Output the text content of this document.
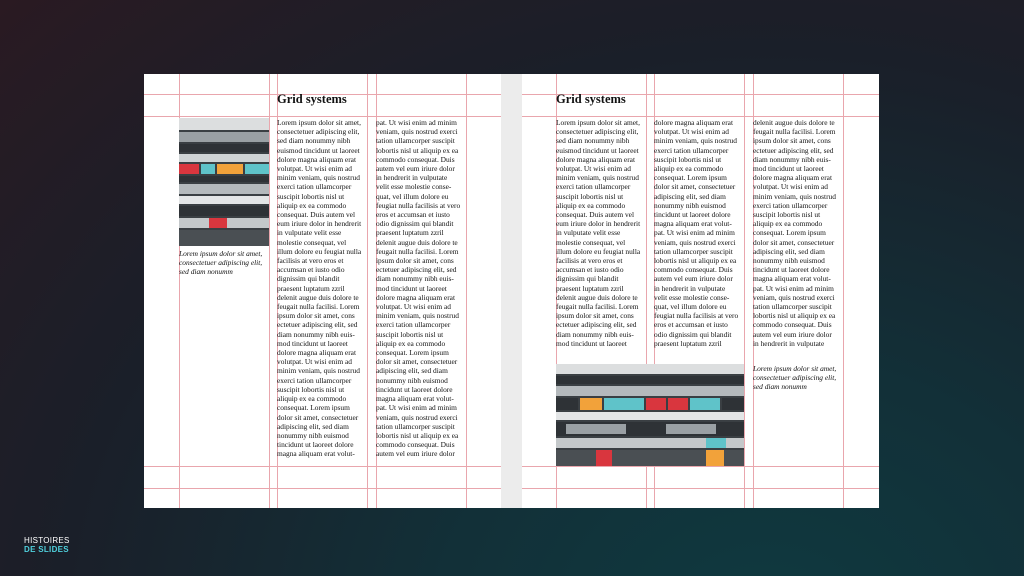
Grid systems

Lorem ipsum dolor sit amet,
consectetuer adipiscing elit,
sed diam nonumm

Lorem ipsum dolor sit amet,
consectetuer adipiscing elit,
sed diam nonummy nibh
euismod tincidunt ut laoreet
dolore magna aliquam erat
volutpat. Ut wisi enim ad
minim veniam, quis nostrud
exerci tation ullamcorper
suscipit lobortis nisl ut
aliquip ex ea commodo
consequat. Duis autem vel
eum iriure dolor in hendrerit
in vulputate velit esse
molestie consequat, vel
illum dolore eu feugiat nulla
facilisis at vero eros et
accumsan et iusto odio
dignissim qui blandit
praesent luptatum zzril
delenit augue duis dolore te
feugait nulla facilisi. Lorem
ipsum dolor sit amet, cons
ectetuer adipiscing elit, sed
diam nonummy nibh euis-
mod tincidunt ut laoreet
dolore magna aliquam erat
volutpat. Ut wisi enim ad
minim veniam, quis nostrud
exerci tation ullamcorper
suscipit lobortis nisl ut
aliquip ex ea commodo
consequat. Lorem ipsum
dolor sit amet, consectetuer
adipiscing elit, sed diam
nonummy nibh euismod
tincidunt ut laoreet dolore
magna aliquam erat volut-

pat. Ut wisi enim ad minim
veniam, quis nostrud exerci
tation ullamcorper suscipit
lobortis nisl ut aliquip ex ea
commodo consequat. Duis
autem vel eum iriure dolor
in hendrerit in vulputate
velit esse molestie conse-
quat, vel illum dolore eu
feugiat nulla facilisis at vero
eros et accumsan et iusto
odio dignissim qui blandit
praesent luptatum zzril
delenit augue duis dolore te
feugait nulla facilisi. Lorem
ipsum dolor sit amet, cons
ectetuer adipiscing elit, sed
diam nonummy nibh euis-
mod tincidunt ut laoreet
dolore magna aliquam erat
volutpat. Ut wisi enim ad
minim veniam, quis nostrud
exerci tation ullamcorper
suscipit lobortis nisl ut
aliquip ex ea commodo
consequat. Lorem ipsum
dolor sit amet, consectetuer
adipiscing elit, sed diam
nonummy nibh euismod
tincidunt ut laoreet dolore
magna aliquam erat volut-
pat. Ut wisi enim ad minim
veniam, quis nostrud exerci
tation ullamcorper suscipit
lobortis nisl ut aliquip ex ea
commodo consequat. Duis
autem vel eum iriure dolor

Grid systems

Lorem ipsum dolor sit amet,
consectetuer adipiscing elit,
sed diam nonummy nibh
euismod tincidunt ut laoreet
dolore magna aliquam erat
volutpat. Ut wisi enim ad
minim veniam, quis nostrud
exerci tation ullamcorper
suscipit lobortis nisl ut
aliquip ex ea commodo
consequat. Duis autem vel
eum iriure dolor in hendrerit
in vulputate velit esse
molestie consequat, vel
illum dolore eu feugiat nulla
facilisis at vero eros et
accumsan et iusto odio
dignissim qui blandit
praesent luptatum zzril
delenit augue duis dolore te
feugait nulla facilisi. Lorem
ipsum dolor sit amet, cons
ectetuer adipiscing elit, sed
diam nonummy nibh euis-
mod tincidunt ut laoreet

dolore magna aliquam erat
volutpat. Ut wisi enim ad
minim veniam, quis nostrud
exerci tation ullamcorper
suscipit lobortis nisl ut
aliquip ex ea commodo
consequat. Lorem ipsum
dolor sit amet, consectetuer
adipiscing elit, sed diam
nonummy nibh euismod
tincidunt ut laoreet dolore
magna aliquam erat volut-
pat. Ut wisi enim ad minim
veniam, quis nostrud exerci
tation ullamcorper suscipit
lobortis nisl ut aliquip ex ea
commodo consequat. Duis
autem vel eum iriure dolor
in hendrerit in vulputate
velit esse molestie conse-
quat, vel illum dolore eu
feugiat nulla facilisis at vero
eros et accumsan et iusto
odio dignissim qui blandit
praesent luptatum zzril

delenit augue duis dolore te
feugait nulla facilisi. Lorem
ipsum dolor sit amet, cons
ectetuer adipiscing elit, sed
diam nonummy nibh euis-
mod tincidunt ut laoreet
dolore magna aliquam erat
volutpat. Ut wisi enim ad
minim veniam, quis nostrud
exerci tation ullamcorper
suscipit lobortis nisl ut
aliquip ex ea commodo
consequat. Lorem ipsum
dolor sit amet, consectetuer
adipiscing elit, sed diam
nonummy nibh euismod
tincidunt ut laoreet dolore
magna aliquam erat volut-
pat. Ut wisi enim ad minim
veniam, quis nostrud exerci
tation ullamcorper suscipit
lobortis nisl ut aliquip ex ea
commodo consequat. Duis
autem vel eum iriure dolor
in hendrerit in vulputate

Lorem ipsum dolor sit amet,
consectetuer adipiscing elit,
sed diam nonumm

HISTOIRES
DE SLIDES
